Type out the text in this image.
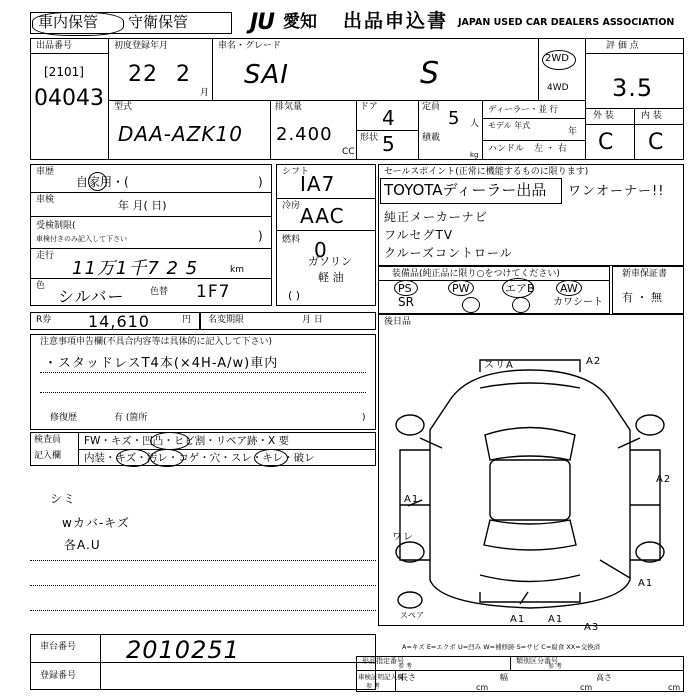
車内保管 守衛保管	JU 愛知 出品申込書 JAPAN USED CAR DEALERS ASSOCIATION
出品番号
[2101]
04043
初度登録年月
22 2
月
車名・グレード
SAI	S	2WD
4WD
評 価 点
3.5
外 装	内 装
C C
型式
DAA-AZK10
排気量
2.400
CC
ドア 4
形状 5
定員
5 人
積載
kg
ディーラー・並 行
モデル 年式
年
ハンドル 左 ・ 右
車歴
自家用・(	)
車検	年 月( 日)
受検制限(
車検付きのみ記入して下さい	)
走行
11万1千7 2 5	km
色
シルバー	色替 1F7
シフト
IA7
冷房 AAC
燃料 0
ガソリン
軽 油
( )
セールスポイント(正常に機能するものに限ります)
TOYOTAディーラー出品 ワンオーナー!!
純正メーカーナビ
フルセグTV
クルーズコントロール
装備品(純正品に限り○をつけてください)
SR
PS	PW	エアB AW
カワシート
新車保証書
有 ・ 無
R券 14,610	円 名変期限	月 日	後日品
注意事項申告欄(不具合内容等は具体的に記入して下さい)
・スタッドレスT4本(×4H-A/w)車内
修復歴	有 (箇所	)
検査員
記入欄
FW・キズ・凹凸・ヒビ割・リペア跡・X 要
内装・キズ・汚レ・コゲ・穴・スレ・キレ・破レ
シミ
wカバ-キズ
各A.U
スリA	A2
A1
A2
ワレ
A1
A1 A1
A3
スペア
A=キズ E=エクボ U=凹み W=補修跡 S=サビ C=腐食 XX=交換済
車台番号 2010251
登録番号
形品指定番号
参 考
類別区分番号
参 考
車検証明記入欄
参 考
長さ
cm
幅
cm
高さ
cm
